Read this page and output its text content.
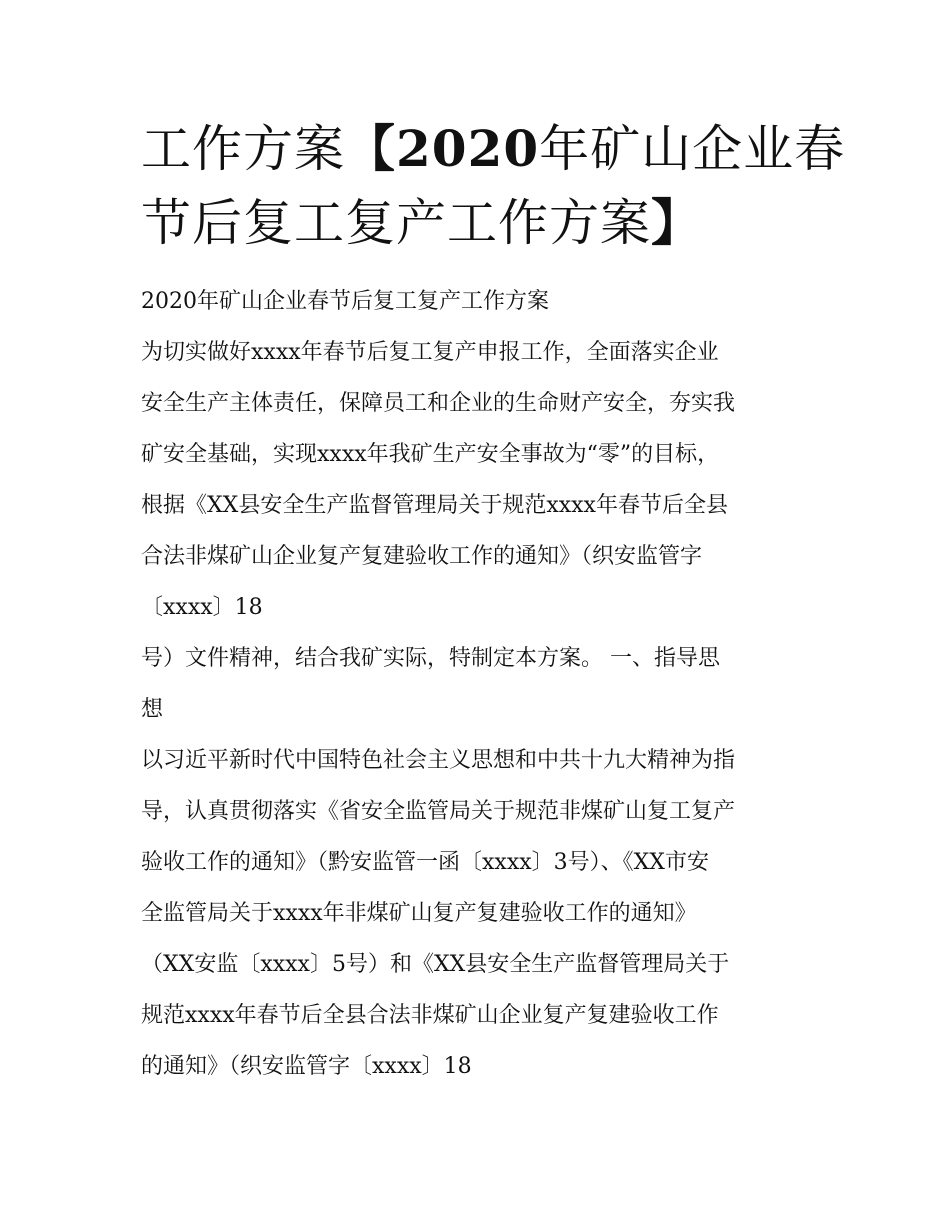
工作方案【2020年矿山企业春
节后复工复产工作方案】
2020年矿山企业春节后复工复产工作方案
为切实做好xxxx年春节后复工复产申报工作，全面落实企业
安全生产主体责任，保障员工和企业的生命财产安全，夯实我
矿安全基础，实现xxxx年我矿生产安全事故为“零”的目标，
根据《XX县安全生产监督管理局关于规范xxxx年春节后全县
合法非煤矿山企业复产复建验收工作的通知》（织安监管字
〔xxxx〕18
号）文件精神，结合我矿实际，特制定本方案。 一、指导思
想
以习近平新时代中国特色社会主义思想和中共十九大精神为指
导，认真贯彻落实《省安全监管局关于规范非煤矿山复工复产
验收工作的通知》（黔安监管一函〔xxxx〕3号）、《XX市安
全监管局关于xxxx年非煤矿山复产复建验收工作的通知》
（XX安监〔xxxx〕5号）和《XX县安全生产监督管理局关于
规范xxxx年春节后全县合法非煤矿山企业复产复建验收工作
的通知》（织安监管字〔xxxx〕18
